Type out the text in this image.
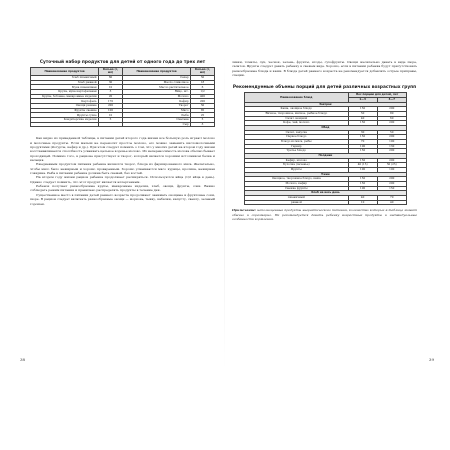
Суточный набор продуктов для детей от одного года до трех лет
Наименование продуктов	Кол-во (г, мл)	Наименование продуктов	Кол-во (г, мл)
Хлеб пшеничный	60	Сахар	50
Хлеб ржаной	30	Масло сливочное	18
Мука пшеничная	10	Масло растительное	6
Крупа, мука картофельная	3	Яйцо, шт.	1/2
Крупы, бобовые, макаронные изделия	20	Молоко	400
Картофель	170	Кефир	200
Овощи разные	200	Творог	50
Фрукты свежие	100	Мясо	85
Фрукты сухие	10	Рыба	25
Кондитерские изделия	5	Сметана	5
		Сыр	3

Как видно из приведенной таблицы, в питании детей второго года жизни все большую роль играют молоко и молочные продукты. Если малыш не переносит простое молоко, его можно заменить кисломолочными продуктами (йогурты, кефир и др.). При этом следует помнить о том, что у многих детей на втором году жизни восстанавливается способность усваивать цельное коровье молоко. Их непереносимость молока обычно бывает проходящей. Помимо того, в рационе присутствует и творог, который является хорошим источником белка и кальция.

Ежедневным продуктом питания ребенка являются творог, блюда из фаршированного мяса. Желательно, чтобы мясо было нежирным и хорошо проваренным. Хорошо усваиваются мясо курицы, кролика, нежирная говядина. Рыба в питании ребенка должна быть свежей, без костей.

На втором году жизни рацион ребенка продолжает расширяться. Используются яйца (1/2 яйца в день). Однако следует помнить, что этот продукт является аллергенным.

Ребенок получает разнообразные крупы, макаронные изделия, хлеб, овощи, фрукты, соки. Важно соблюдать режим питания и правильно распределять продукты в течение дня.

Существенное место в питании детей раннего возраста продолжают занимать овощные и фруктовые соки, пюре. В рацион следует включать разнообразные овощи — морковь, тыкву, кабачки, капусту, свеклу, зеленый горошек.

38
ливки, томаты, лук, чеснок, зелень, фрукты, ягоды, сухофрукты. Овощи желательно давать в виде пюре, салатов. Фрукты следует давать ребенку в свежем виде. Хорошо, если в питании ребенка будут присутствовать разнообразные блюда и каши. В блюда детей раннего возраста не рекомендуется добавлять острые приправы, специи.
Рекомендуемые объемы порций для детей различных возрастных групп
Наименование блюд	Вес порции для детей, лет	
	1—3	3—7
Завтрак		
Каша, овощное блюдо	150	200
Яичное, творожное, мясное, рыбное блюдо	50	80
Салат овощной	40	60
Кофе, чай, молоко	150	200
Обед		
Салат, закуска	30	50
Первое блюдо	150	200
Блюдо из мяса, рыбы	70	100
Гарнир	100	130
Третье блюдо	150	200
Полдник		
Кефир, молоко	150	200
Булочка (печенье)	40 (15)	50 (25)
Фрукты	100	100
Ужин		
Овощное, творожное блюдо, каша	150	200
Молоко, кефир	150	200
Свежие фрукты	100	150
Хлеб на весь день		
пшеничный	40	70
ржаной	10	40
Примечание: неполноценные продукты энергетического питания, количество которых в таблице может обычно и соразмерно. Не рекомендуется давать ребенку возрастные продукты и индивидуальные особенности кормления.
39
